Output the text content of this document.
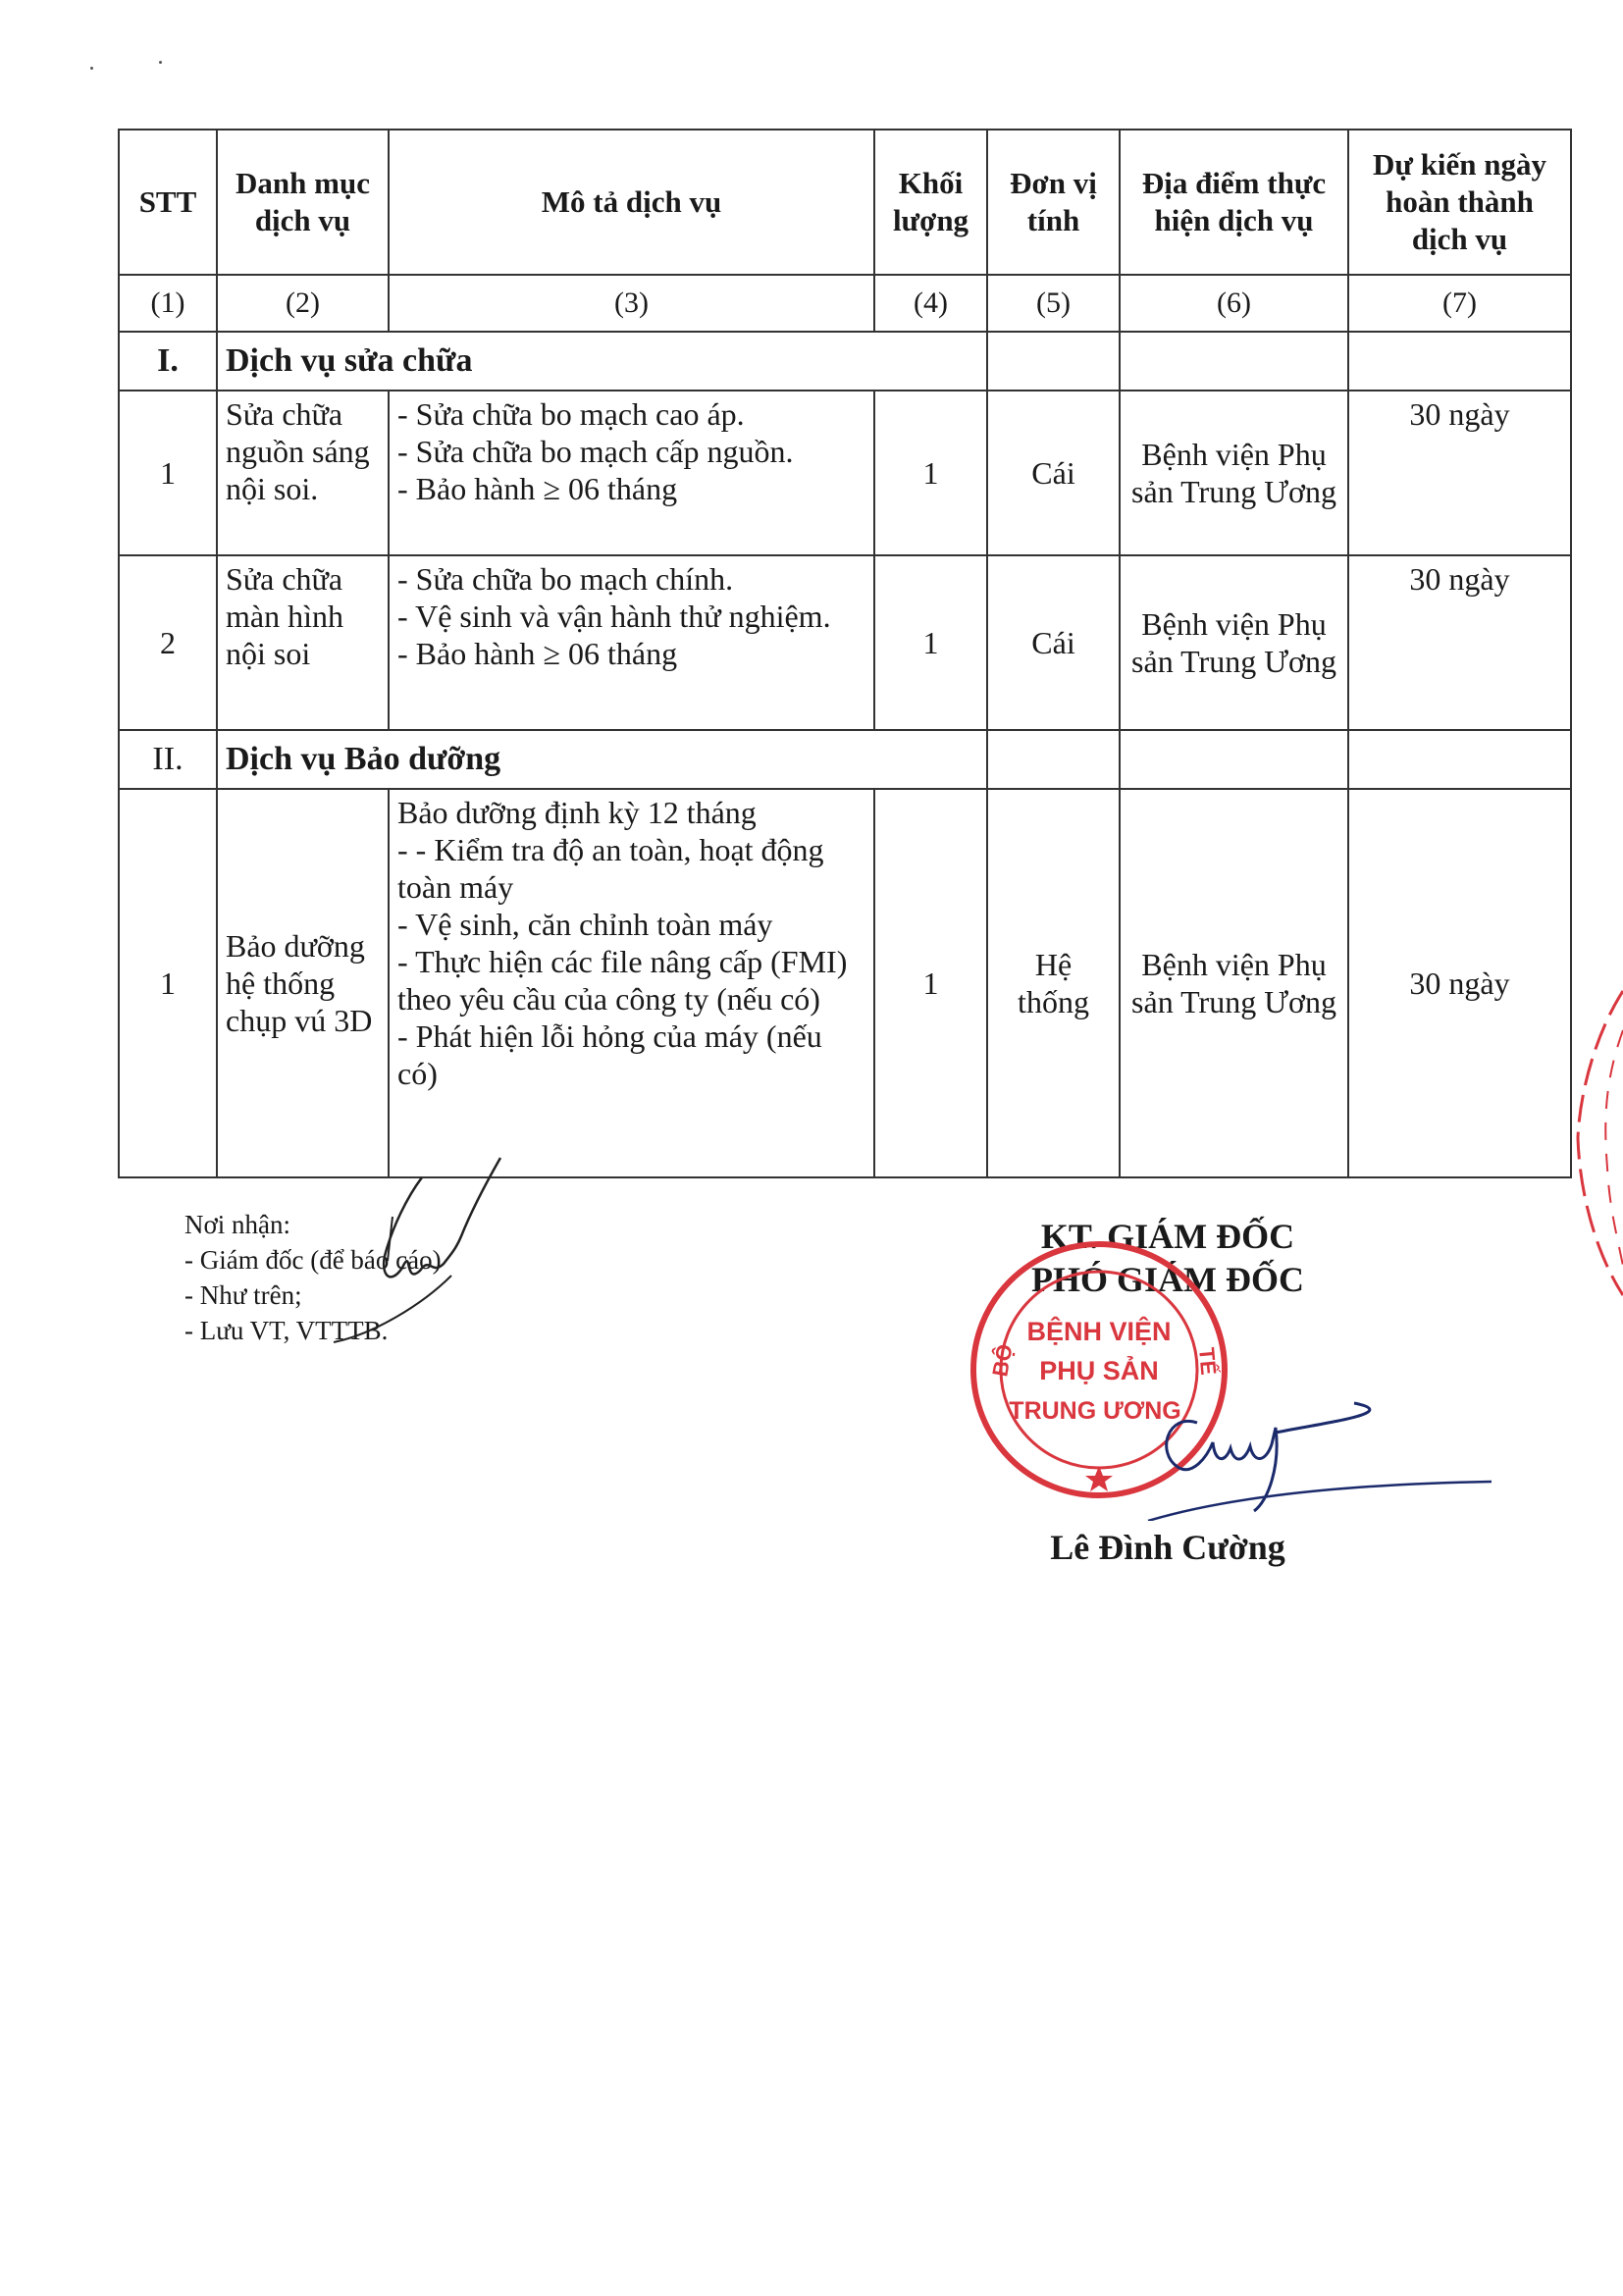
STT	Danh mục dịch vụ	Mô tả dịch vụ	Khối lượng	Đơn vị tính	Địa điểm thực hiện dịch vụ	Dự kiến ngày hoàn thành dịch vụ
(1)	(2)	(3)	(4)	(5)	(6)	(7)
I.	Dịch vụ sửa chữa					
1	Sửa chữa nguồn sáng nội soi.	- Sửa chữa bo mạch cao áp.
- Sửa chữa bo mạch cấp nguồn.
- Bảo hành ≥ 06 tháng	1	Cái	Bệnh viện Phụ sản Trung Ương	30 ngày
2	Sửa chữa màn hình nội soi	- Sửa chữa bo mạch chính.
- Vệ sinh và vận hành thử nghiệm.
- Bảo hành ≥ 06 tháng	1	Cái	Bệnh viện Phụ sản Trung Ương	30 ngày
II.	Dịch vụ Bảo dưỡng					
1	Bảo dưỡng hệ thống chụp vú 3D	Bảo dưỡng định kỳ 12 tháng
- - Kiểm tra độ an toàn, hoạt động toàn máy
- Vệ sinh, căn chỉnh toàn máy
- Thực hiện các file nâng cấp (FMI) theo yêu cầu của công ty (nếu có)
- Phát hiện lỗi hỏng của máy (nếu có)	1	Hệ thống	Bệnh viện Phụ sản Trung Ương	30 ngày
Nơi nhận:
- Giám đốc (để báo cáo)
- Như trên;
- Lưu VT, VTTTB.
KT. GIÁM ĐỐC
PHÓ GIÁM ĐỐC
BỘ	TẾ
BỆNH VIỆN
PHỤ SẢN
TRUNG ƯƠNG
Lê Đình Cường
